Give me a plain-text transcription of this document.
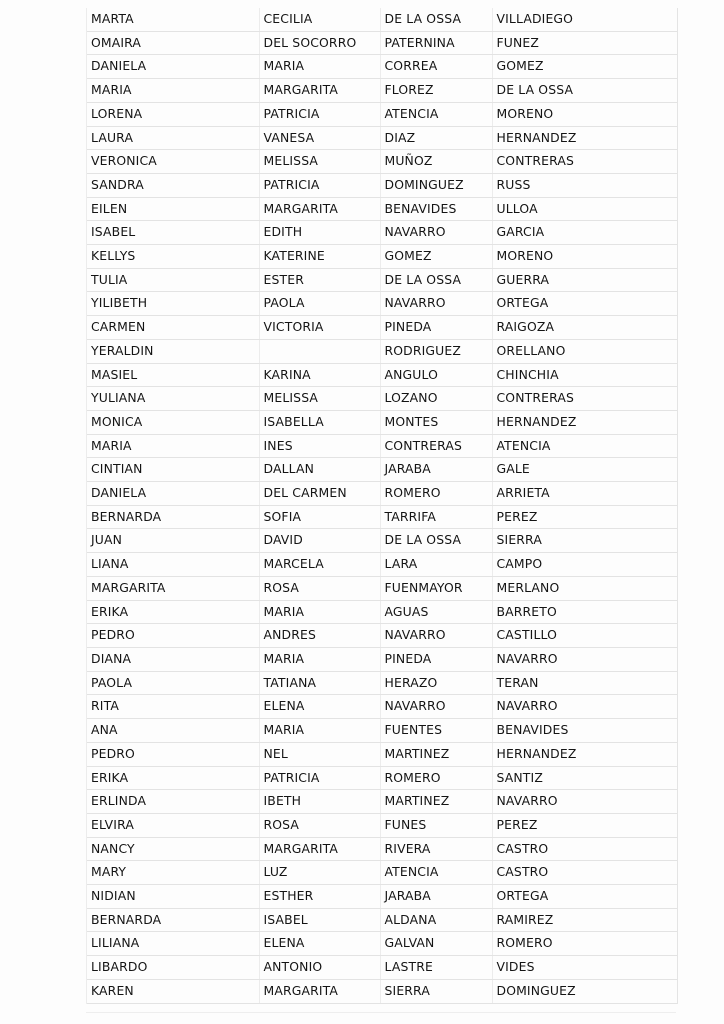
MARTA	CECILIA	DE LA OSSA	VILLADIEGO
OMAIRA	DEL SOCORRO	PATERNINA	FUNEZ
DANIELA	MARIA	CORREA	GOMEZ
MARIA	MARGARITA	FLOREZ	DE LA OSSA
LORENA	PATRICIA	ATENCIA	MORENO
LAURA	VANESA	DIAZ	HERNANDEZ
VERONICA	MELISSA	MUÑOZ	CONTRERAS
SANDRA	PATRICIA	DOMINGUEZ	RUSS
EILEN	MARGARITA	BENAVIDES	ULLOA
ISABEL	EDITH	NAVARRO	GARCIA
KELLYS	KATERINE	GOMEZ	MORENO
TULIA	ESTER	DE LA OSSA	GUERRA
YILIBETH	PAOLA	NAVARRO	ORTEGA
CARMEN	VICTORIA	PINEDA	RAIGOZA
YERALDIN		RODRIGUEZ	ORELLANO
MASIEL	KARINA	ANGULO	CHINCHIA
YULIANA	MELISSA	LOZANO	CONTRERAS
MONICA	ISABELLA	MONTES	HERNANDEZ
MARIA	INES	CONTRERAS	ATENCIA
CINTIAN	DALLAN	JARABA	GALE
DANIELA	DEL CARMEN	ROMERO	ARRIETA
BERNARDA	SOFIA	TARRIFA	PEREZ
JUAN	DAVID	DE LA OSSA	SIERRA
LIANA	MARCELA	LARA	CAMPO
MARGARITA	ROSA	FUENMAYOR	MERLANO
ERIKA	MARIA	AGUAS	BARRETO
PEDRO	ANDRES	NAVARRO	CASTILLO
DIANA	MARIA	PINEDA	NAVARRO
PAOLA	TATIANA	HERAZO	TERAN
RITA	ELENA	NAVARRO	NAVARRO
ANA	MARIA	FUENTES	BENAVIDES
PEDRO	NEL	MARTINEZ	HERNANDEZ
ERIKA	PATRICIA	ROMERO	SANTIZ
ERLINDA	IBETH	MARTINEZ	NAVARRO
ELVIRA	ROSA	FUNES	PEREZ
NANCY	MARGARITA	RIVERA	CASTRO
MARY	LUZ	ATENCIA	CASTRO
NIDIAN	ESTHER	JARABA	ORTEGA
BERNARDA	ISABEL	ALDANA	RAMIREZ
LILIANA	ELENA	GALVAN	ROMERO
LIBARDO	ANTONIO	LASTRE	VIDES
KAREN	MARGARITA	SIERRA	DOMINGUEZ
